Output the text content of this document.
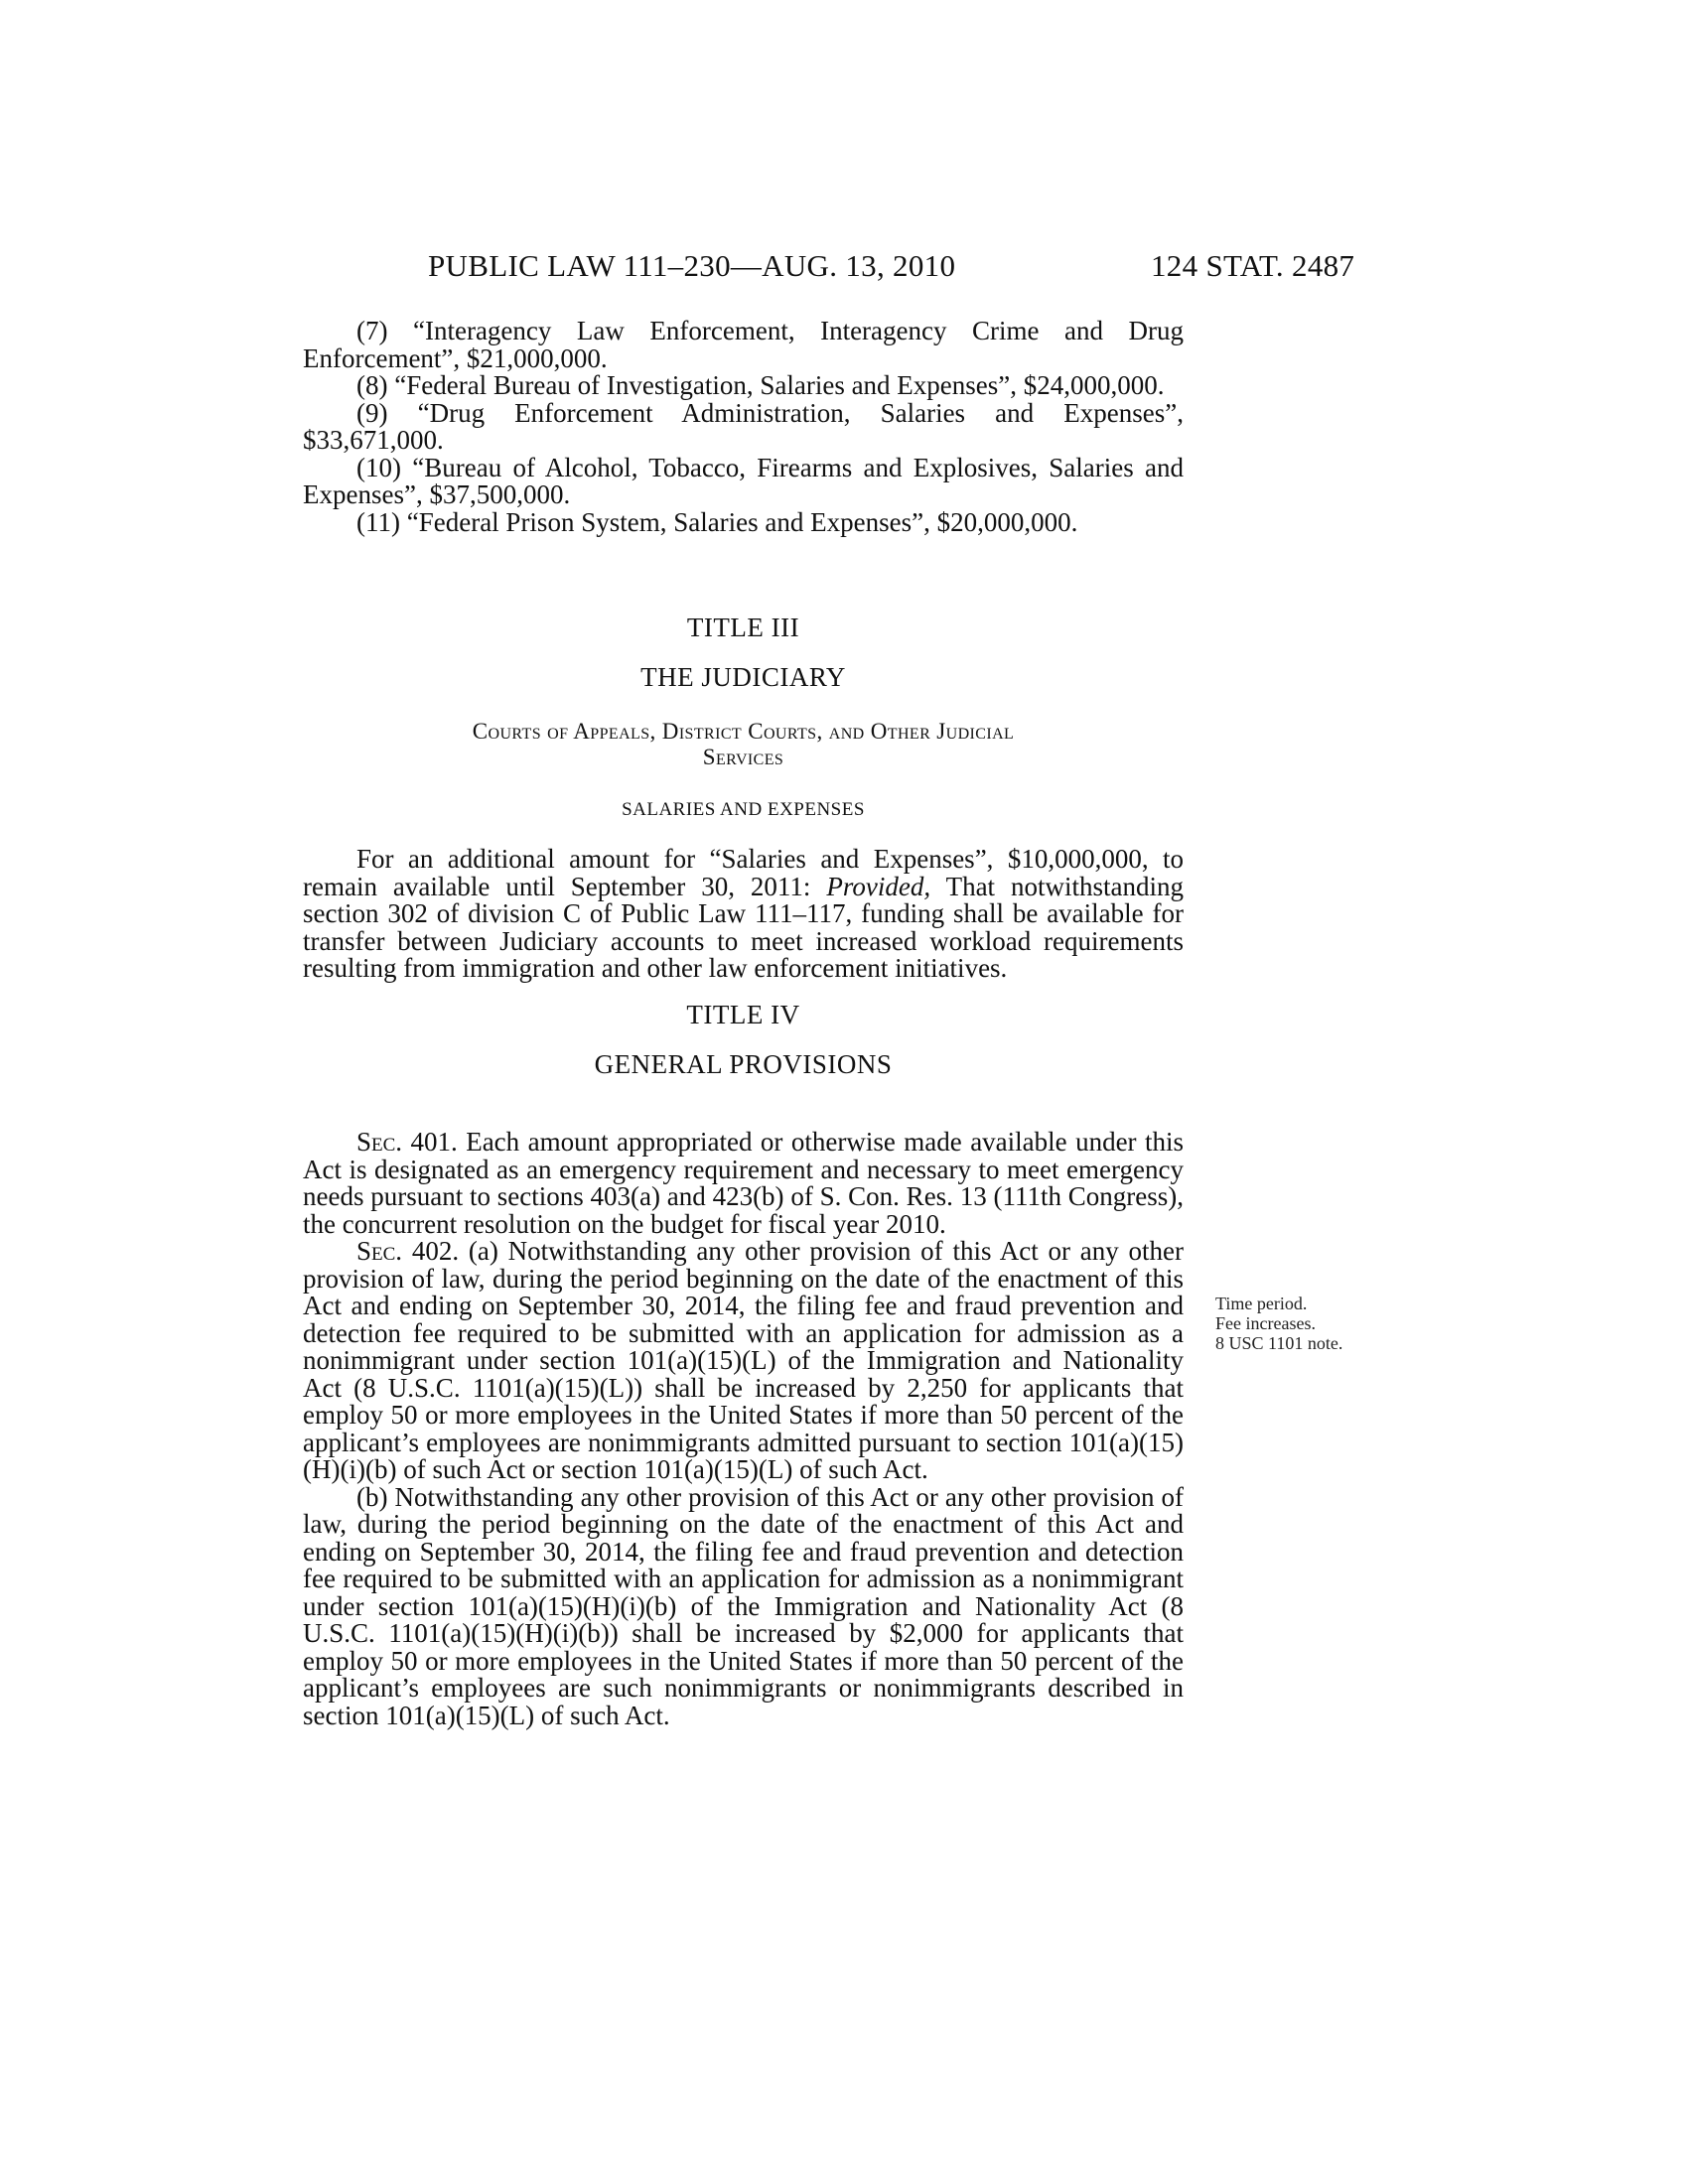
PUBLIC LAW 111–230—AUG. 13, 2010	124 STAT. 2487

(7) “Interagency Law Enforcement, Interagency Crime and Drug Enforcement”, $21,000,000.

(8) “Federal Bureau of Investigation, Salaries and Expenses”, $24,000,000.

(9) “Drug Enforcement Administration, Salaries and Expenses”, $33,671,000.

(10) “Bureau of Alcohol, Tobacco, Firearms and Explosives, Salaries and Expenses”, $37,500,000.

(11) “Federal Prison System, Salaries and Expenses”, $20,000,000.

TITLE III
THE JUDICIARY
Courts of Appeals, District Courts, and Other Judicial
Services
SALARIES AND EXPENSES

For an additional amount for “Salaries and Expenses”, $10,000,000, to remain available until September 30, 2011: Provided, That notwithstanding section 302 of division C of Public Law 111–117, funding shall be available for transfer between Judiciary accounts to meet increased workload requirements resulting from immigration and other law enforcement initiatives.

TITLE IV
GENERAL PROVISIONS

Sec. 401. Each amount appropriated or otherwise made available under this Act is designated as an emergency requirement and necessary to meet emergency needs pursuant to sections 403(a) and 423(b) of S. Con. Res. 13 (111th Congress), the concurrent resolution on the budget for fiscal year 2010.

Sec. 402. (a) Notwithstanding any other provision of this Act or any other provision of law, during the period beginning on the date of the enactment of this Act and ending on September 30, 2014, the filing fee and fraud prevention and detection fee required to be submitted with an application for admission as a nonimmigrant under section 101(a)(15)(L) of the Immigration and Nationality Act (8 U.S.C. 1101(a)(15)(L)) shall be increased by 2,250 for applicants that employ 50 or more employees in the United States if more than 50 percent of the applicant’s employees are nonimmigrants admitted pursuant to section 101(a)(15)(H)(i)(b) of such Act or section 101(a)(15)(L) of such Act.

(b) Notwithstanding any other provision of this Act or any other provision of law, during the period beginning on the date of the enactment of this Act and ending on September 30, 2014, the filing fee and fraud prevention and detection fee required to be submitted with an application for admission as a nonimmigrant under section 101(a)(15)(H)(i)(b) of the Immigration and Nationality Act (8 U.S.C. 1101(a)(15)(H)(i)(b)) shall be increased by $2,000 for applicants that employ 50 or more employees in the United States if more than 50 percent of the applicant’s employees are such nonimmigrants or nonimmigrants described in section 101(a)(15)(L) of such Act.

Time period.
Fee increases.
8 USC 1101 note.
